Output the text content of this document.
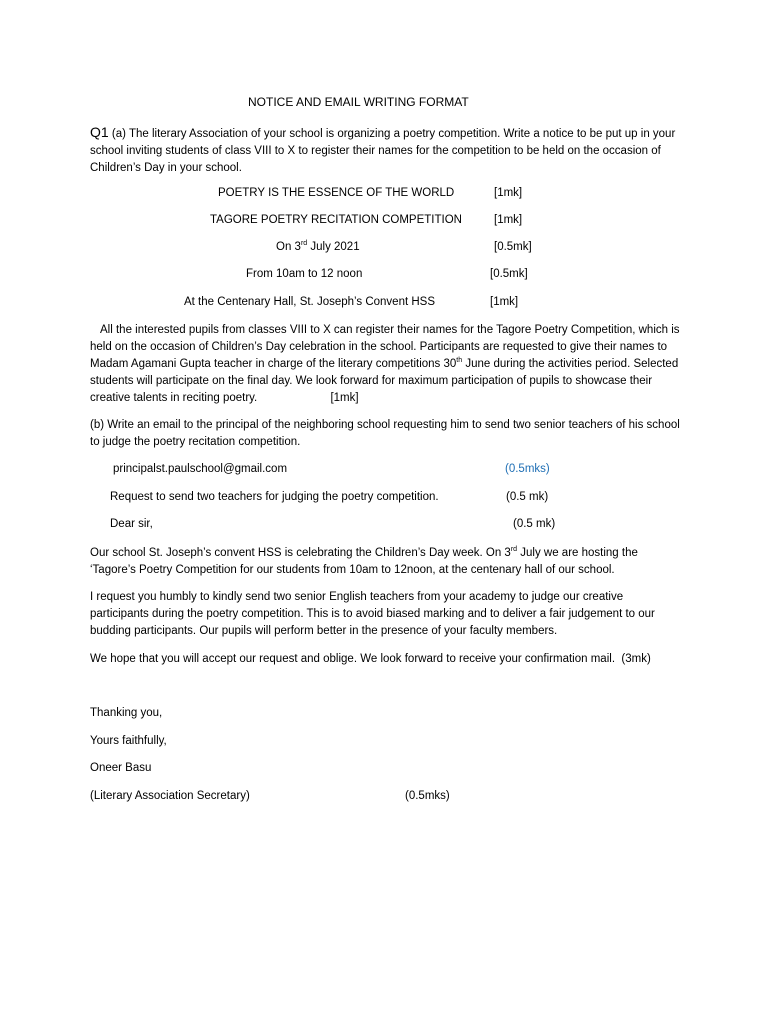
NOTICE AND EMAIL WRITING FORMAT
Q1 (a) The literary Association of your school is organizing a poetry competition. Write a notice to be put up in your school inviting students of class VIII to X to register their names for the competition to be held on the occasion of Children’s Day in your school.
POETRY IS THE ESSENCE OF THE WORLD	[1mk]
TAGORE POETRY RECITATION COMPETITION	[1mk]
On 3rd July 2021	[0.5mk]
From 10am to 12 noon	[0.5mk]
At the Centenary Hall, St. Joseph’s Convent HSS	[1mk]
All the interested pupils from classes VIII to X can register their names for the Tagore Poetry Competition, which is held on the occasion of Children’s Day celebration in the school. Participants are requested to give their names to Madam Agamani Gupta teacher in charge of the literary competitions 30th June during the activities period. Selected students will participate on the final day. We look forward for maximum participation of pupils to showcase their creative talents in reciting poetry.	[1mk]
(b) Write an email to the principal of the neighboring school requesting him to send two senior teachers of his school to judge the poetry recitation competition.
principalst.paulschool@gmail.com	(0.5mks)
Request to send two teachers for judging the poetry competition.	(0.5 mk)
Dear sir,	(0.5 mk)
Our school St. Joseph’s convent HSS is celebrating the Children’s Day week. On 3rd July we are hosting the ‘Tagore’s Poetry Competition for our students from 10am to 12noon, at the centenary hall of our school.
I request you humbly to kindly send two senior English teachers from your academy to judge our creative participants during the poetry competition. This is to avoid biased marking and to deliver a fair judgement to our budding participants. Our pupils will perform better in the presence of your faculty members.
We hope that you will accept our request and oblige. We look forward to receive your confirmation mail. (3mk)
Thanking you,
Yours faithfully,
Oneer Basu
(Literary Association Secretary)	(0.5mks)
